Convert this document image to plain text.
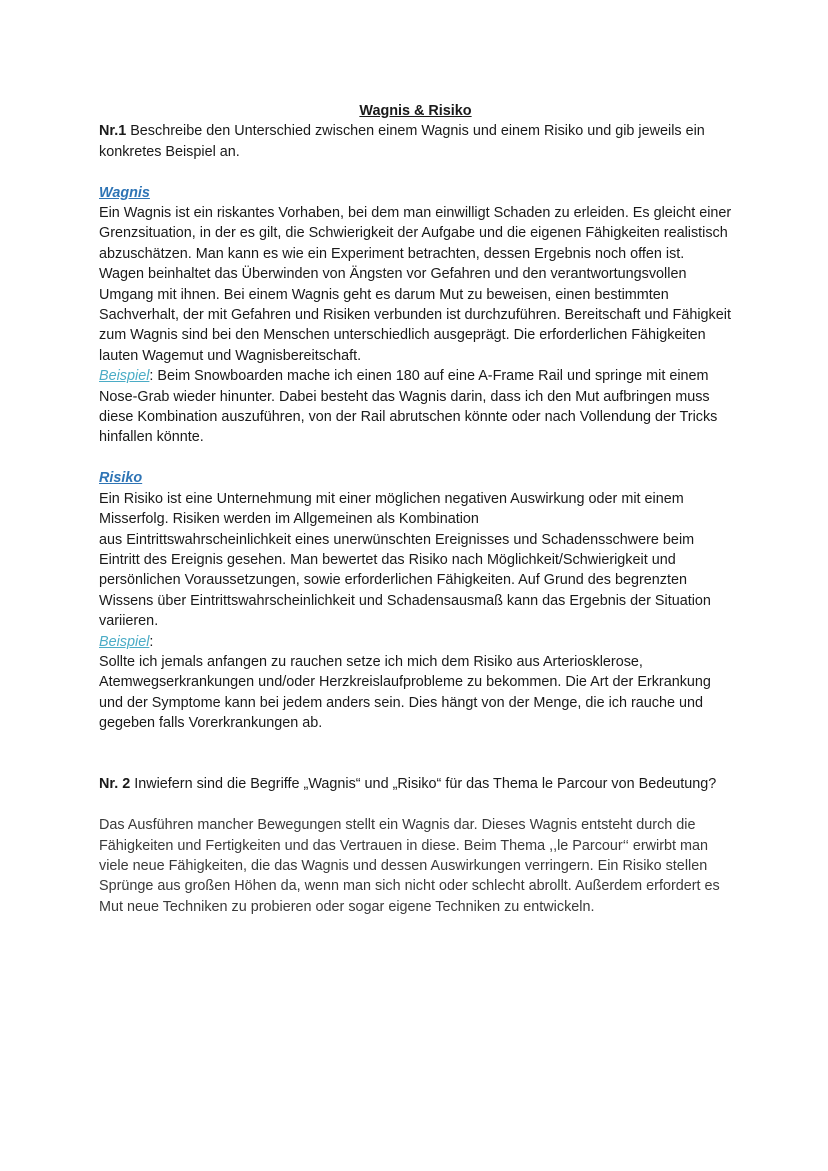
Wagnis & Risiko

Nr.1 Beschreibe den Unterschied zwischen einem Wagnis und einem Risiko und gib jeweils ein konkretes Beispiel an.

Wagnis

Ein Wagnis ist ein riskantes Vorhaben, bei dem man einwilligt Schaden zu erleiden. Es gleicht einer Grenzsituation, in der es gilt, die Schwierigkeit der Aufgabe und die eigenen Fähigkeiten realistisch abzuschätzen. Man kann es wie ein Experiment betrachten, dessen Ergebnis noch offen ist. Wagen beinhaltet das Überwinden von Ängsten vor Gefahren und den verantwortungsvollen Umgang mit ihnen. Bei einem Wagnis geht es darum Mut zu beweisen, einen bestimmten Sachverhalt, der mit Gefahren und Risiken verbunden ist durchzuführen. Bereitschaft und Fähigkeit zum Wagnis sind bei den Menschen unterschiedlich ausgeprägt. Die erforderlichen Fähigkeiten lauten Wagemut und Wagnisbereitschaft.

Beispiel: Beim Snowboarden mache ich einen 180 auf eine A-Frame Rail und springe mit einem Nose-Grab wieder hinunter. Dabei besteht das Wagnis darin, dass ich den Mut aufbringen muss diese Kombination auszuführen, von der Rail abrutschen könnte oder nach Vollendung der Tricks hinfallen könnte.

Risiko

Ein Risiko ist eine Unternehmung mit einer möglichen negativen Auswirkung oder mit einem Misserfolg. Risiken werden im Allgemeinen als Kombination

aus Eintrittswahrscheinlichkeit eines unerwünschten Ereignisses und Schadensschwere beim Eintritt des Ereignis gesehen. Man bewertet das Risiko nach Möglichkeit/Schwierigkeit und persönlichen Voraussetzungen, sowie erforderlichen Fähigkeiten. Auf Grund des begrenzten Wissens über Eintrittswahrscheinlichkeit und Schadensausmaß kann das Ergebnis der Situation variieren.

Beispiel:

Sollte ich jemals anfangen zu rauchen setze ich mich dem Risiko aus Arteriosklerose, Atemwegserkrankungen und/oder Herzkreislaufprobleme zu bekommen. Die Art der Erkrankung und der Symptome kann bei jedem anders sein. Dies hängt von der Menge, die ich rauche und gegeben falls Vorerkrankungen ab.

Nr. 2 Inwiefern sind die Begriffe „Wagnis“ und „Risiko“ für das Thema le Parcour von Bedeutung?

Das Ausführen mancher Bewegungen stellt ein Wagnis dar. Dieses Wagnis entsteht durch die Fähigkeiten und Fertigkeiten und das Vertrauen in diese. Beim Thema ,,le Parcour‘‘ erwirbt man viele neue Fähigkeiten, die das Wagnis und dessen Auswirkungen verringern. Ein Risiko stellen Sprünge aus großen Höhen da, wenn man sich nicht oder schlecht abrollt. Außerdem erfordert es Mut neue Techniken zu probieren oder sogar eigene Techniken zu entwickeln.
